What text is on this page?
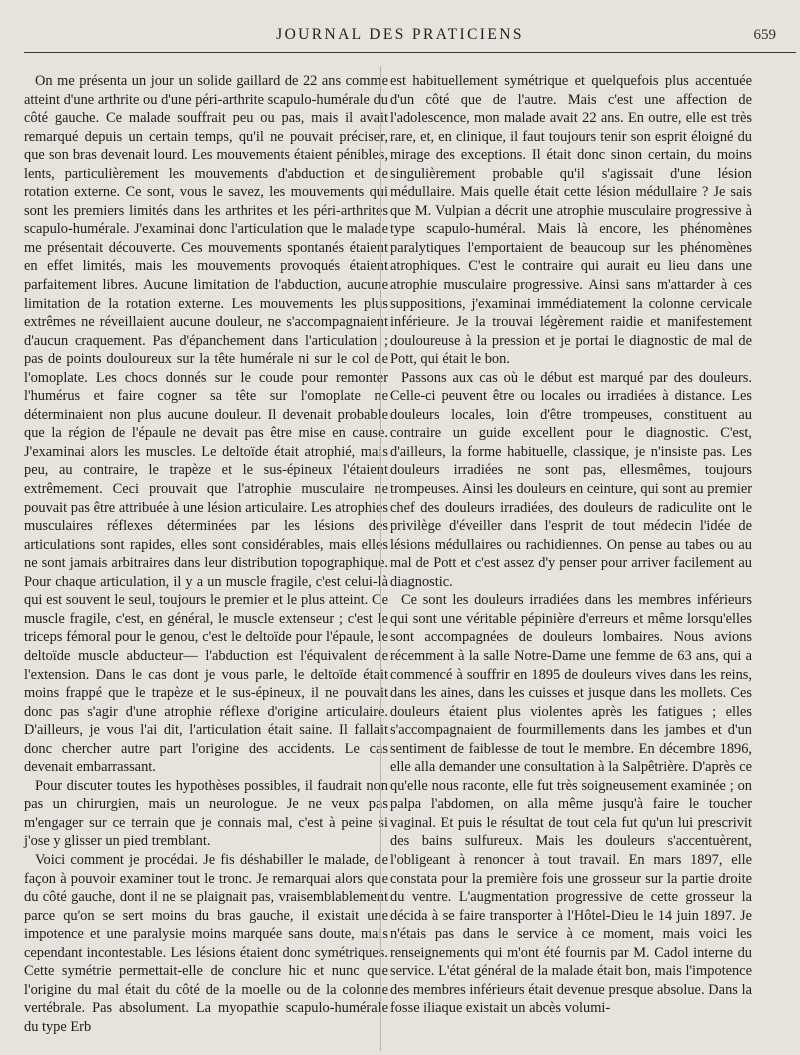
JOURNAL DES PRATICIENS	659

On me présenta un jour un solide gaillard de 22 ans comme atteint d'une arthrite ou d'une péri-arthrite scapulo-humérale du côté gauche. Ce malade souffrait peu ou pas, mais il avait remarqué depuis un certain temps, qu'il ne pouvait préciser, que son bras devenait lourd. Les mouvements étaient pénibles, lents, particulièrement les mouvements d'abduction et de rotation externe. Ce sont, vous le savez, les mouvements qui sont les premiers limités dans les arthrites et les péri-arthrites scapulo-humérale. J'examinai donc l'articulation que le malade me présentait découverte. Ces mouvements spontanés étaient en effet limités, mais les mouvements provoqués étaient parfaitement libres. Aucune limitation de l'abduction, aucune limitation de la rotation externe. Les mouvements les plus extrêmes ne réveillaient aucune douleur, ne s'accompagnaient d'aucun craquement. Pas d'épanchement dans l'articulation ; pas de points douloureux sur la tête humérale ni sur le col de l'omoplate. Les chocs donnés sur le coude pour remonter l'humérus et faire cogner sa tête sur l'omoplate ne déterminaient non plus aucune douleur. Il devenait probable que la région de l'épaule ne devait pas être mise en cause. J'examinai alors les muscles. Le deltoïde était atrophié, mais peu, au contraire, le trapèze et le sus-épineux l'étaient extrêmement. Ceci prouvait que l'atrophie musculaire ne pouvait pas être attribuée à une lésion articulaire. Les atrophies musculaires réflexes déterminées par les lésions des articulations sont rapides, elles sont considérables, mais elles ne sont jamais arbitraires dans leur distribution topographique. Pour chaque articulation, il y a un muscle fragile, c'est celui-là qui est souvent le seul, toujours le premier et le plus atteint. Ce muscle fragile, c'est, en général, le muscle extenseur ; c'est le triceps fémoral pour le genou, c'est le deltoïde pour l'épaule, le deltoïde muscle abducteur— l'abduction est l'équivalent de l'extension. Dans le cas dont je vous parle, le deltoïde était moins frappé que le trapèze et le sus-épineux, il ne pouvait donc pas s'agir d'une atrophie réflexe d'origine articulaire. D'ailleurs, je vous l'ai dit, l'articulation était saine. Il fallait donc chercher autre part l'origine des accidents. Le cas devenait embarrassant.

Pour discuter toutes les hypothèses possibles, il faudrait non pas un chirurgien, mais un neurologue. Je ne veux pas m'engager sur ce terrain que je connais mal, c'est à peine si j'ose y glisser un pied tremblant.

Voici comment je procédai. Je fis déshabiller le malade, de façon à pouvoir examiner tout le tronc. Je remarquai alors que du côté gauche, dont il ne se plaignait pas, vraisemblablement parce qu'on se sert moins du bras gauche, il existait une impotence et une paralysie moins marquée sans doute, mais cependant incontestable. Les lésions étaient donc symétriques. Cette symétrie permettait-elle de conclure hic et nunc que l'origine du mal était du côté de la moelle ou de la colonne vertébrale. Pas absolument. La myopathie scapulo-humérale du type Erb

est habituellement symétrique et quelquefois plus accentuée d'un côté que de l'autre. Mais c'est une affection de l'adolescence, mon malade avait 22 ans. En outre, elle est très rare, et, en clinique, il faut toujours tenir son esprit éloigné du mirage des exceptions. Il était donc sinon certain, du moins singulièrement probable qu'il s'agissait d'une lésion médullaire. Mais quelle était cette lésion médullaire ? Je sais que M. Vulpian a décrit une atrophie musculaire progressive à type scapulo-huméral. Mais là encore, les phénomènes paralytiques l'emportaient de beaucoup sur les phénomènes atrophiques. C'est le contraire qui aurait eu lieu dans une atrophie musculaire progressive. Ainsi sans m'attarder à ces suppositions, j'examinai immédiatement la colonne cervicale inférieure. Je la trouvai légèrement raidie et manifestement douloureuse à la pression et je portai le diagnostic de mal de Pott, qui était le bon.

Passons aux cas où le début est marqué par des douleurs. Celle-ci peuvent être ou locales ou irradiées à distance. Les douleurs locales, loin d'être trompeuses, constituent au contraire un guide excellent pour le diagnostic. C'est, d'ailleurs, la forme habituelle, classique, je n'insiste pas. Les douleurs irradiées ne sont pas, ellesmêmes, toujours trompeuses. Ainsi les douleurs en ceinture, qui sont au premier chef des douleurs irradiées, des douleurs de radiculite ont le privilège d'éveiller dans l'esprit de tout médecin l'idée de lésions médullaires ou rachidiennes. On pense au tabes ou au mal de Pott et c'est assez d'y penser pour arriver facilement au diagnostic.

Ce sont les douleurs irradiées dans les membres inférieurs qui sont une véritable pépinière d'erreurs et même lorsqu'elles sont accompagnées de douleurs lombaires. Nous avions récemment à la salle Notre-Dame une femme de 63 ans, qui a commencé à souffrir en 1895 de douleurs vives dans les reins, dans les aines, dans les cuisses et jusque dans les mollets. Ces douleurs étaient plus violentes après les fatigues ; elles s'accompagnaient de fourmillements dans les jambes et d'un sentiment de faiblesse de tout le membre. En décembre 1896, elle alla demander une consultation à la Salpêtrière. D'après ce qu'elle nous raconte, elle fut très soigneusement examinée ; on palpa l'abdomen, on alla même jusqu'à faire le toucher vaginal. Et puis le résultat de tout cela fut qu'un lui prescrivit des bains sulfureux. Mais les douleurs s'accentuèrent, l'obligeant à renoncer à tout travail. En mars 1897, elle constata pour la première fois une grosseur sur la partie droite du ventre. L'augmentation progressive de cette grosseur la décida à se faire transporter à l'Hôtel-Dieu le 14 juin 1897. Je n'étais pas dans le service à ce moment, mais voici les renseignements qui m'ont été fournis par M. Cadol interne du service. L'état général de la malade était bon, mais l'impotence des membres inférieurs était devenue presque absolue. Dans la fosse iliaque existait un abcès volumi-
